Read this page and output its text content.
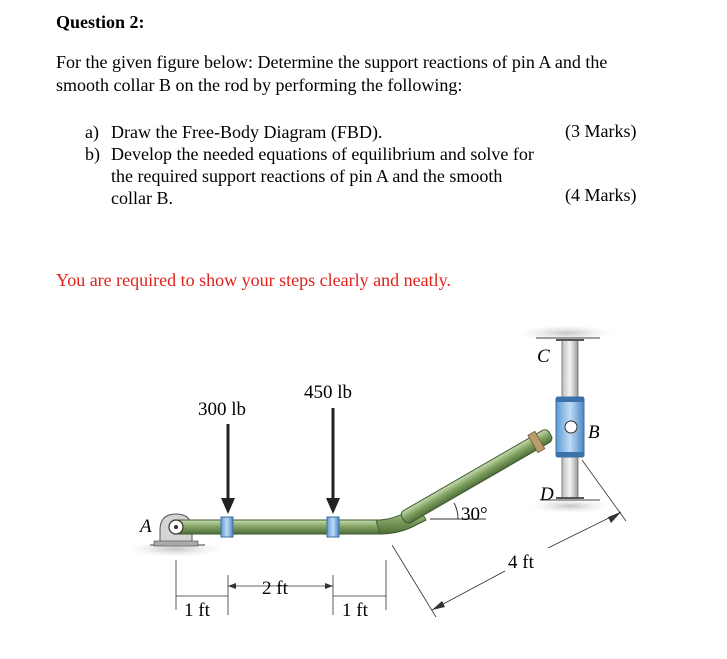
Question 2:
For the given figure below: Determine the support reactions of pin A and the
smooth collar B on the rod by performing the following:
a) Draw the Free-Body Diagram (FBD).	(3 Marks)
b) Develop the needed equations of equilibrium and solve for
the required support reactions of pin A and the smooth
collar B.	(4 Marks)
You are required to show your steps clearly and neatly.
300 lb
450 lb
A
B
C
D
30°
1 ft
2 ft
1 ft
4 ft
